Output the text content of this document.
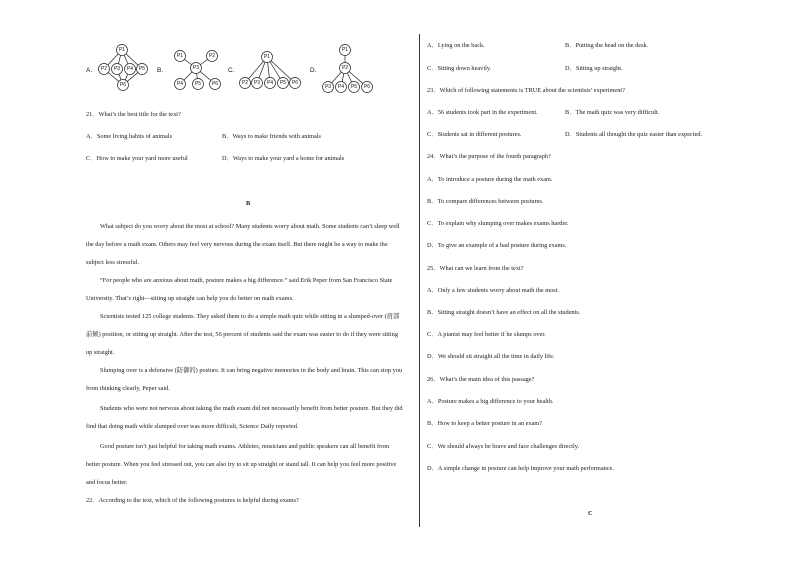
P1
P2 P3 P4 P5
P6
P1	P2
P3
P4 P5 P6
P1
P2 P3 P4 P5 P6
P1
P2
P3 P4 P5 P6
A.	B.	C.	D.
21．What’s the best title for the text?
A．Some living habits of animals	B．Ways to make friends with animals
C．How to make your yard more useful	D．Ways to make your yard a home for animals
B
What subject do you worry about the most at school? Many students worry about math. Some students can’t sleep well the day before a math exam. Others may feel very nervous during the exam itself. But there might be a way to make the subject less stressful.
“For people who are anxious about math, posture makes a big difference.” said Erik Peper from San Francisco State University. That’s right—sitting up straight can help you do better on math exams.
Scientists tested 125 college students. They asked them to do a simple math quiz while sitting in a slumped-over (肩部前倾) position, or sitting up straight. After the test, 56 percent of students said the exam was easier to do if they were sitting up straight.
Slumping over is a defensive (防御的) posture. It can bring negative memories in the body and brain. This can stop you from thinking clearly, Peper said.
Students who were not nervous about taking the math exam did not necessarily benefit from better posture. But they did find that doing math while slumped over was more difficult, Science Daily reported.
Good posture isn’t just helpful for taking math exams. Athletes, musicians and public speakers can all benefit from better posture. When you feel stressed out, you can also try to sit up straight or stand tall. It can help you feel more positive and focus better.
22．According to the text, which of the following postures is helpful during exams?
A．Lying on the back.	B．Putting the head on the desk.
C．Sitting down heavily.	D．Sitting up straight.
23．Which of following statements is TRUE about the scientists’ experiment?
A．56 students took part in the experiment.	B．The math quiz was very difficult.
C．Students sat in different postures.	D．Students all thought the quiz easier than expected.
24．What’s the purpose of the fourth paragraph?
A．To introduce a posture during the math exam.
B．To compare differences between postures.
C．To explain why slumping over makes exams harder.
D．To give an example of a bad posture during exams.
25．What can we learn from the text?
A．Only a few students worry about math the most.
B．Sitting straight doesn’t have an effect on all the students.
C．A pianist may feel better if he slumps over.
D．We should sit straight all the time in daily life.
26．What’s the main idea of this passage?
A．Posture makes a big difference to your health.
B．How to keep a better posture in an exam?
C．We should always be brave and face challenges directly.
D．A simple change in posture can help improve your math performance.
C
